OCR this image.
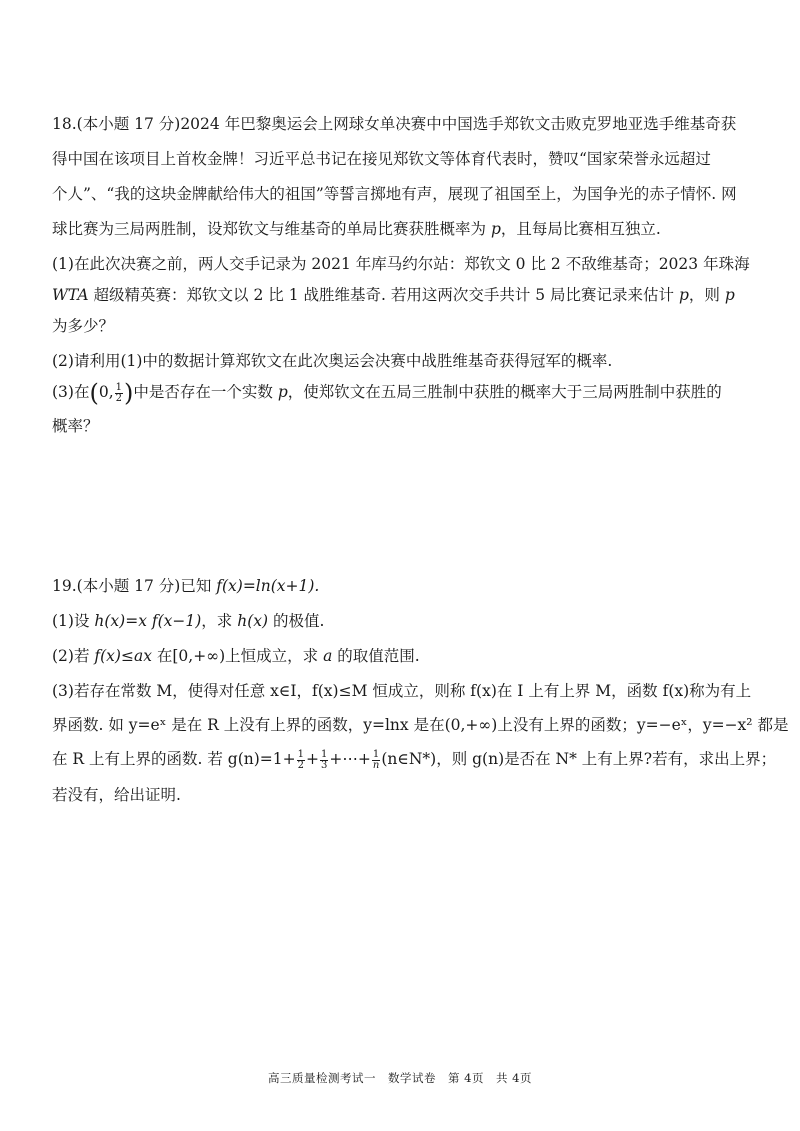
18.(本小题 17 分)2024 年巴黎奥运会上网球女单决赛中中国选手郑钦文击败克罗地亚选手维基奇获
得中国在该项目上首枚金牌！习近平总书记在接见郑钦文等体育代表时，赞叹“国家荣誉永远超过
个人”、“我的这块金牌献给伟大的祖国”等誓言掷地有声，展现了祖国至上，为国争光的赤子情怀. 网
球比赛为三局两胜制，设郑钦文与维基奇的单局比赛获胜概率为 p，且每局比赛相互独立.
(1)在此次决赛之前，两人交手记录为 2021 年库马约尔站：郑钦文 0 比 2 不敌维基奇；2023 年珠海
WTA 超级精英赛：郑钦文以 2 比 1 战胜维基奇. 若用这两次交手共计 5 局比赛记录来估计 p，则 p
为多少？
(2)请利用(1)中的数据计算郑钦文在此次奥运会决赛中战胜维基奇获得冠军的概率.
(3)在(0, $\frac{1}{2}$ )中是否存在一个实数 p，使郑钦文在五局三胜制中获胜的概率大于三局两胜制中获胜的
概率？
19.(本小题 17 分)已知 f(x)=ln(x+1).
(1)设 h(x)=x f(x−1)，求 h(x) 的极值.
(2)若 f(x)≤ax 在[0,+∞)上恒成立，求 a 的取值范围.
(3)若存在常数 M，使得对任意 x∈I，f(x)≤M 恒成立，则称 f(x)在 I 上有上界 M，函数 f(x)称为有上
界函数. 如 y=eˣ 是在 R 上没有上界的函数，y=lnx 是在(0,+∞)上没有上界的函数；y=−eˣ，y=−x² 都是
在 R 上有上界的函数. 若 $g(n)=1+ \frac{1}{2} + \frac{1}{3}$ +⋯+ $\frac{1}{n}$ (n∈N*)，则 g(n)是否在 N* 上有上界?若有，求出上界；
若没有，给出证明.
高三质量检测考试一　数学试卷　第 4页　共 4页
